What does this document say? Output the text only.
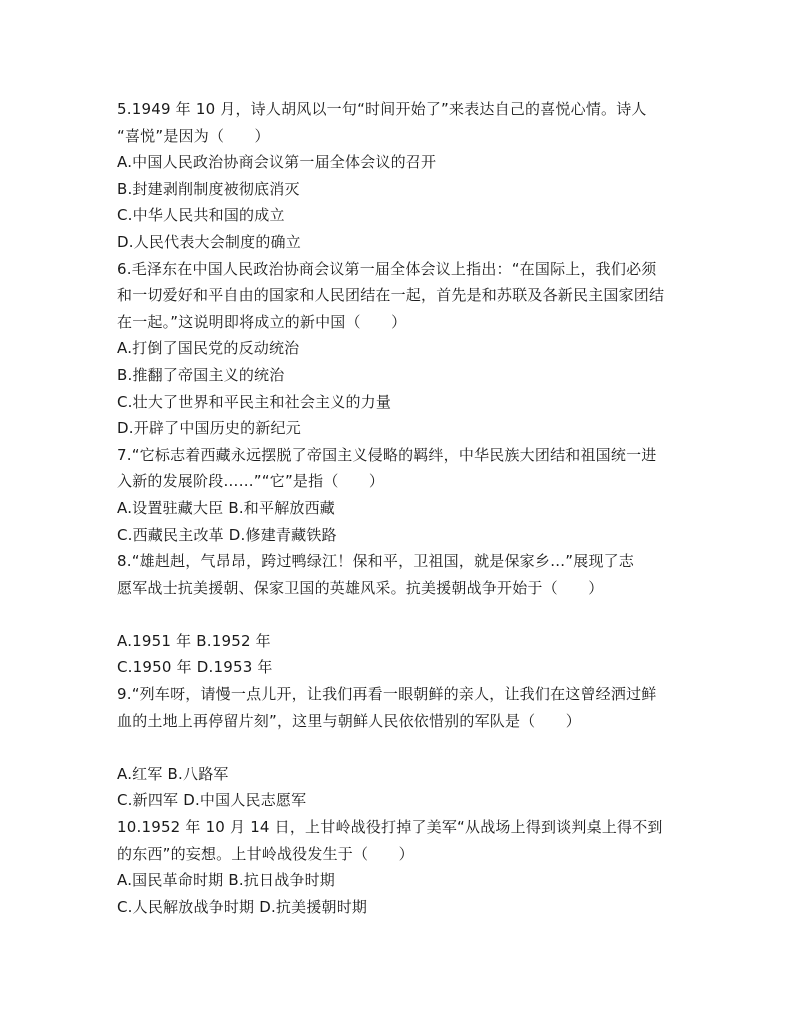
5.1949 年 10 月，诗人胡风以一句“时间开始了”来表达自己的喜悦心情。诗人
“喜悦”是因为（　　）
A.中国人民政治协商会议第一届全体会议的召开
B.封建剥削制度被彻底消灭
C.中华人民共和国的成立
D.人民代表大会制度的确立
6.毛泽东在中国人民政治协商会议第一届全体会议上指出：“在国际上，我们必须
和一切爱好和平自由的国家和人民团结在一起，首先是和苏联及各新民主国家团结
在一起。”这说明即将成立的新中国（　　）
A.打倒了国民党的反动统治
B.推翻了帝国主义的统治
C.壮大了世界和平民主和社会主义的力量
D.开辟了中国历史的新纪元
7.“它标志着西藏永远摆脱了帝国主义侵略的羁绊，中华民族大团结和祖国统一进
入新的发展阶段……”“它”是指（　　）
A.设置驻藏大臣 B.和平解放西藏
C.西藏民主改革 D.修建青藏铁路
8.“雄赳赳，气昂昂，跨过鸭绿江！保和平，卫祖国，就是保家乡…”展现了志
愿军战士抗美援朝、保家卫国的英雄风采。抗美援朝战争开始于（　　）
A.1951 年 B.1952 年
C.1950 年 D.1953 年
9.“列车呀，请慢一点儿开，让我们再看一眼朝鲜的亲人，让我们在这曾经洒过鲜
血的土地上再停留片刻”，这里与朝鲜人民依依惜别的军队是（　　）
A.红军 B.八路军
C.新四军 D.中国人民志愿军
10.1952 年 10 月 14 日，上甘岭战役打掉了美军“从战场上得到谈判桌上得不到
的东西”的妄想。上甘岭战役发生于（　　）
A.国民革命时期 B.抗日战争时期
C.人民解放战争时期 D.抗美援朝时期
